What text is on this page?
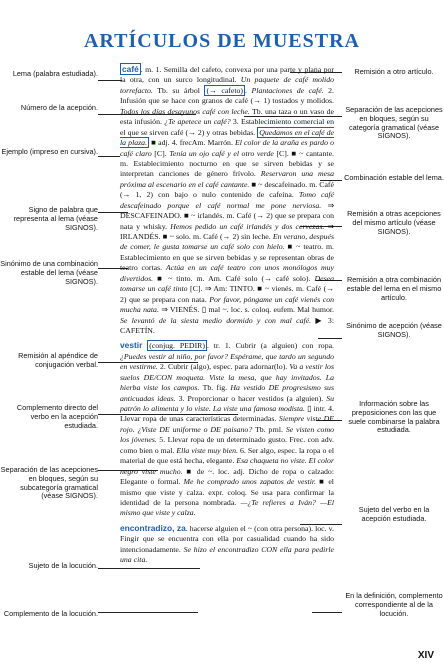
ARTÍCULOS DE MUESTRA
Lema (palabra estudiada).
Número de la acepción.
Ejemplo (impreso en cursiva).
Signo de palabra que representa al lema (véase SIGNOS).
Sinónimo de una combinación estable del lema (véase SIGNOS).
Remisión al apéndice de conjugación verbal.
Complemento directo del verbo en la acepción estudiada.
Separación de las acepciones en bloques, según su subcategoría gramatical (véase SIGNOS).
Sujeto de la locución.
Complemento de la locución.
Remisión a otro artículo.
Separación de las acepciones en bloques, según su categoría gramatical (véase SIGNOS).
Combinación estable del lema.
Remisión a otras acepciones del mismo artículo (véase SIGNOS).
Remisión a otra combinación estable del lema en el mismo artículo.
Sinónimo de acepción (véase SIGNOS).
Información sobre las preposiciones con las que suele combinarse la palabra estudiada.
Sujeto del verbo en la acepción estudiada.
En la definición, complemento correspondiente al de la locución.
café . m. 1. Semilla del cafeto, convexa por una parte y plana por la otra, con un surco longitudinal. Un paquete de café molido torrefacto. Tb. su árbol (→ cafeto) . Plantaciones de café. 2. Infusión que se hace con granos de café (→ 1) tostados y molidos. Todos los días desayunos café con leche. Tb. una taza o un vaso de esta infusión. ¿Te apetece un café? 3. Establecimiento comercial en el que se sirven café (→ 2) y otras bebidas. Quedamos en el café de la plaza. ■ adj. 4. frecAm. Marrón. El color de la araña es pardo o café claro [C]. Tenía un ojo café y el otro verde [C]. ■ ~ cantante. m. Establecimiento nocturno en que se sirven bebidas y se interpretan canciones de género frívolo. Reservaron una mesa próxima al escenario en el café cantante. ■ ~ descafeinado. m. Café (→ 1, 2) con bajo o nulo contenido de cafeína. Tomo café descafeinado porque el café normal me pone nerviosa. ⇒ DESCAFEINADO. ■ ~ irlandés. m. Café (→ 2) que se prepara con nata y whisky. Hemos pedido un café irlandés y dos cervezas. ⇒ IRLANDÉS. ■ ~ solo. m. Café (→ 2) sin leche. En verano, después de comer, le gusta tomarse un café solo con hielo. ■ ~ teatro. m. Establecimiento en que se sirven bebidas y se representan obras de teatro cortas. Actúa en un café teatro con unos monólogos muy divertidos. ■ ~ tinto. m. Am. Café solo (→ café solo). Desea tomarse un café tinto [C]. ⇒ Am: TINTO. ■ ~ vienés. m. Café (→ 2) que se prepara con nata. Por favor, póngame un café vienés con mucha nata. ⇒ VIENÉS. ▯ mal ~. loc. s. coloq. eufem. Mal humor. Se levantó de la siesta medio dormido y con mal café. ▶ 3: CAFETÍN.
vestir (conjug. PEDIR) . tr. 1. Cubrir (a alguien) con ropa. ¿Puedes vestir al niño, por favor? Espérame, que tardo un segundo en vestirme. 2. Cubrir (algo), espec. para adornar(lo). Va a vestir los suelos DE/CON moqueta. Viste la mesa, que hay invitados. La hierba viste los campos. Tb. fig. Ha vestido DE progresismo sus anticuadas ideas. 3. Proporcionar o hacer vestidos (a alguien). Su patrón lo alimenta y lo viste. La viste una famosa modista. ▯ intr. 4. Llevar ropa de unas características determinadas. Siempre viste DE rojo. ¿Viste DE uniforme o DE paisano? Tb. prnl. Se visten como los jóvenes. 5. Llevar ropa de un determinado gusto. Frec. con adv. como bien o mal. Ella viste muy bien. 6. Ser algo, espec. la ropa o el material de que está hecha, elegante. Esa chaqueta no viste. El color negro viste mucho. ■ de ~. loc. adj. Dicho de ropa o calzado: Elegante o formal. Me he comprado unos zapatos de vestir. ■ el mismo que viste y calza. expr. coloq. Se usa para confirmar la identidad de la persona nombrada. —¿Te refieres a Iván? —El mismo que viste y calza.
encontradizo, za. hacerse alguien el ~ (con otra persona). loc. v. Fingir que se encuentra con ella por casualidad cuando ha sido intencionadamente. Se hizo el encontradizo CON ella para pedirle una cita.
XIV
